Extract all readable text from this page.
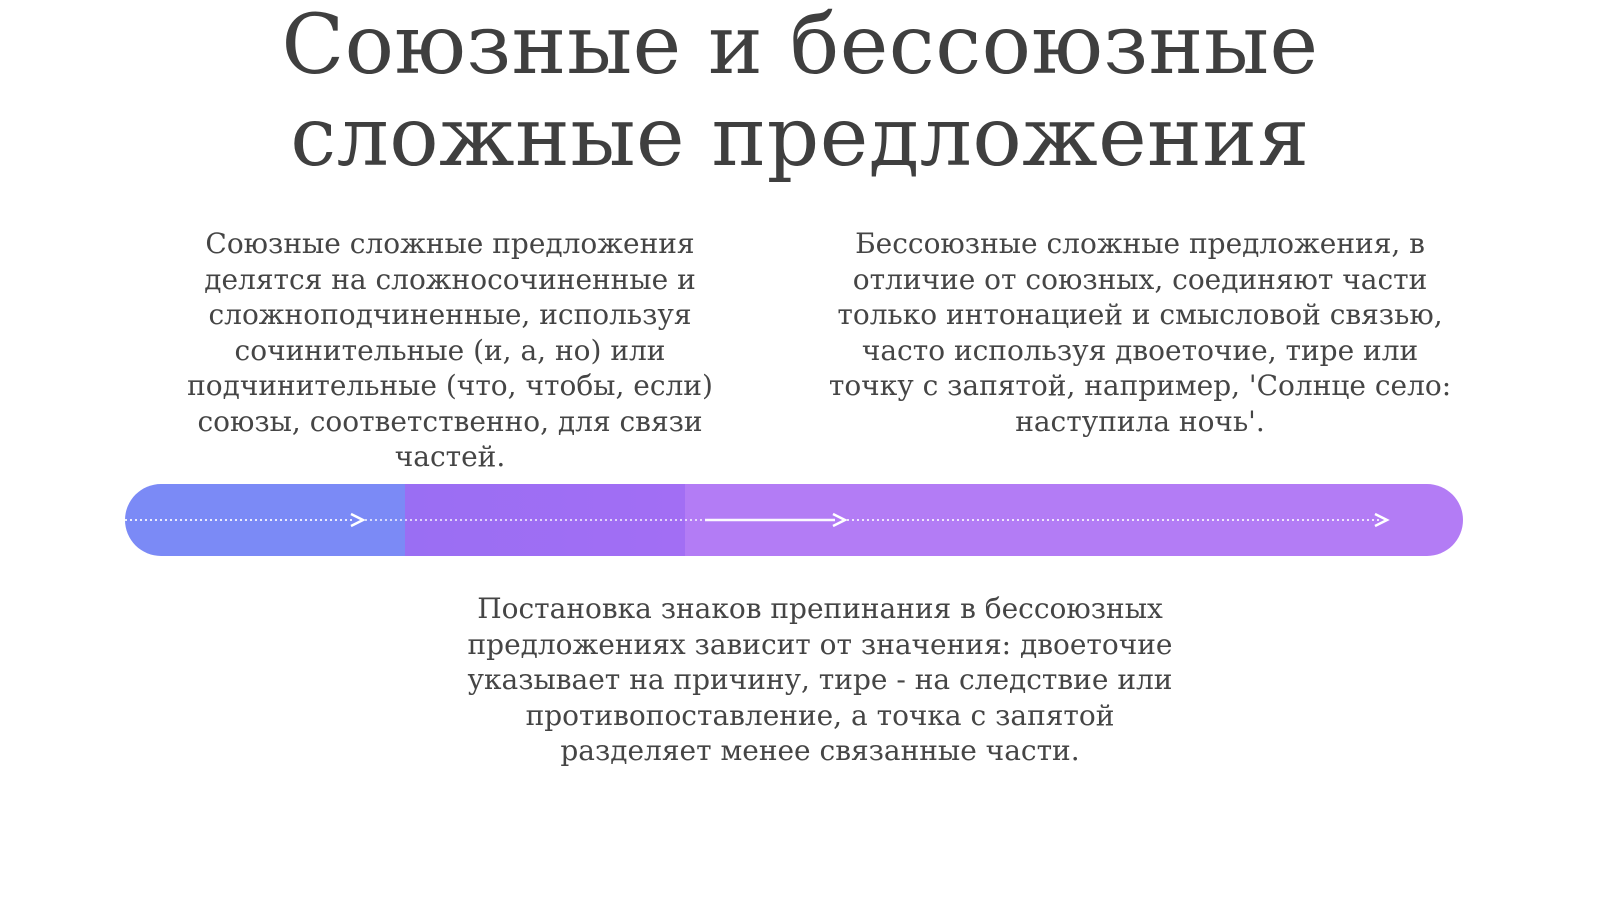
Союзные и бессоюзные сложные предложения

Союзные сложные предложения делятся на сложносочиненные и сложноподчиненные, используя сочинительные (и, а, но) или подчинительные (что, чтобы, если) союзы, соответственно, для связи частей.

Бессоюзные сложные предложения, в отличие от союзных, соединяют части только интонацией и смысловой связью, часто используя двоеточие, тире или точку с запятой, например, 'Солнце село: наступила ночь'.

Постановка знаков препинания в бессоюзных предложениях зависит от значения: двоеточие указывает на причину, тире - на следствие или противопоставление, а точка с запятой разделяет менее связанные части.
